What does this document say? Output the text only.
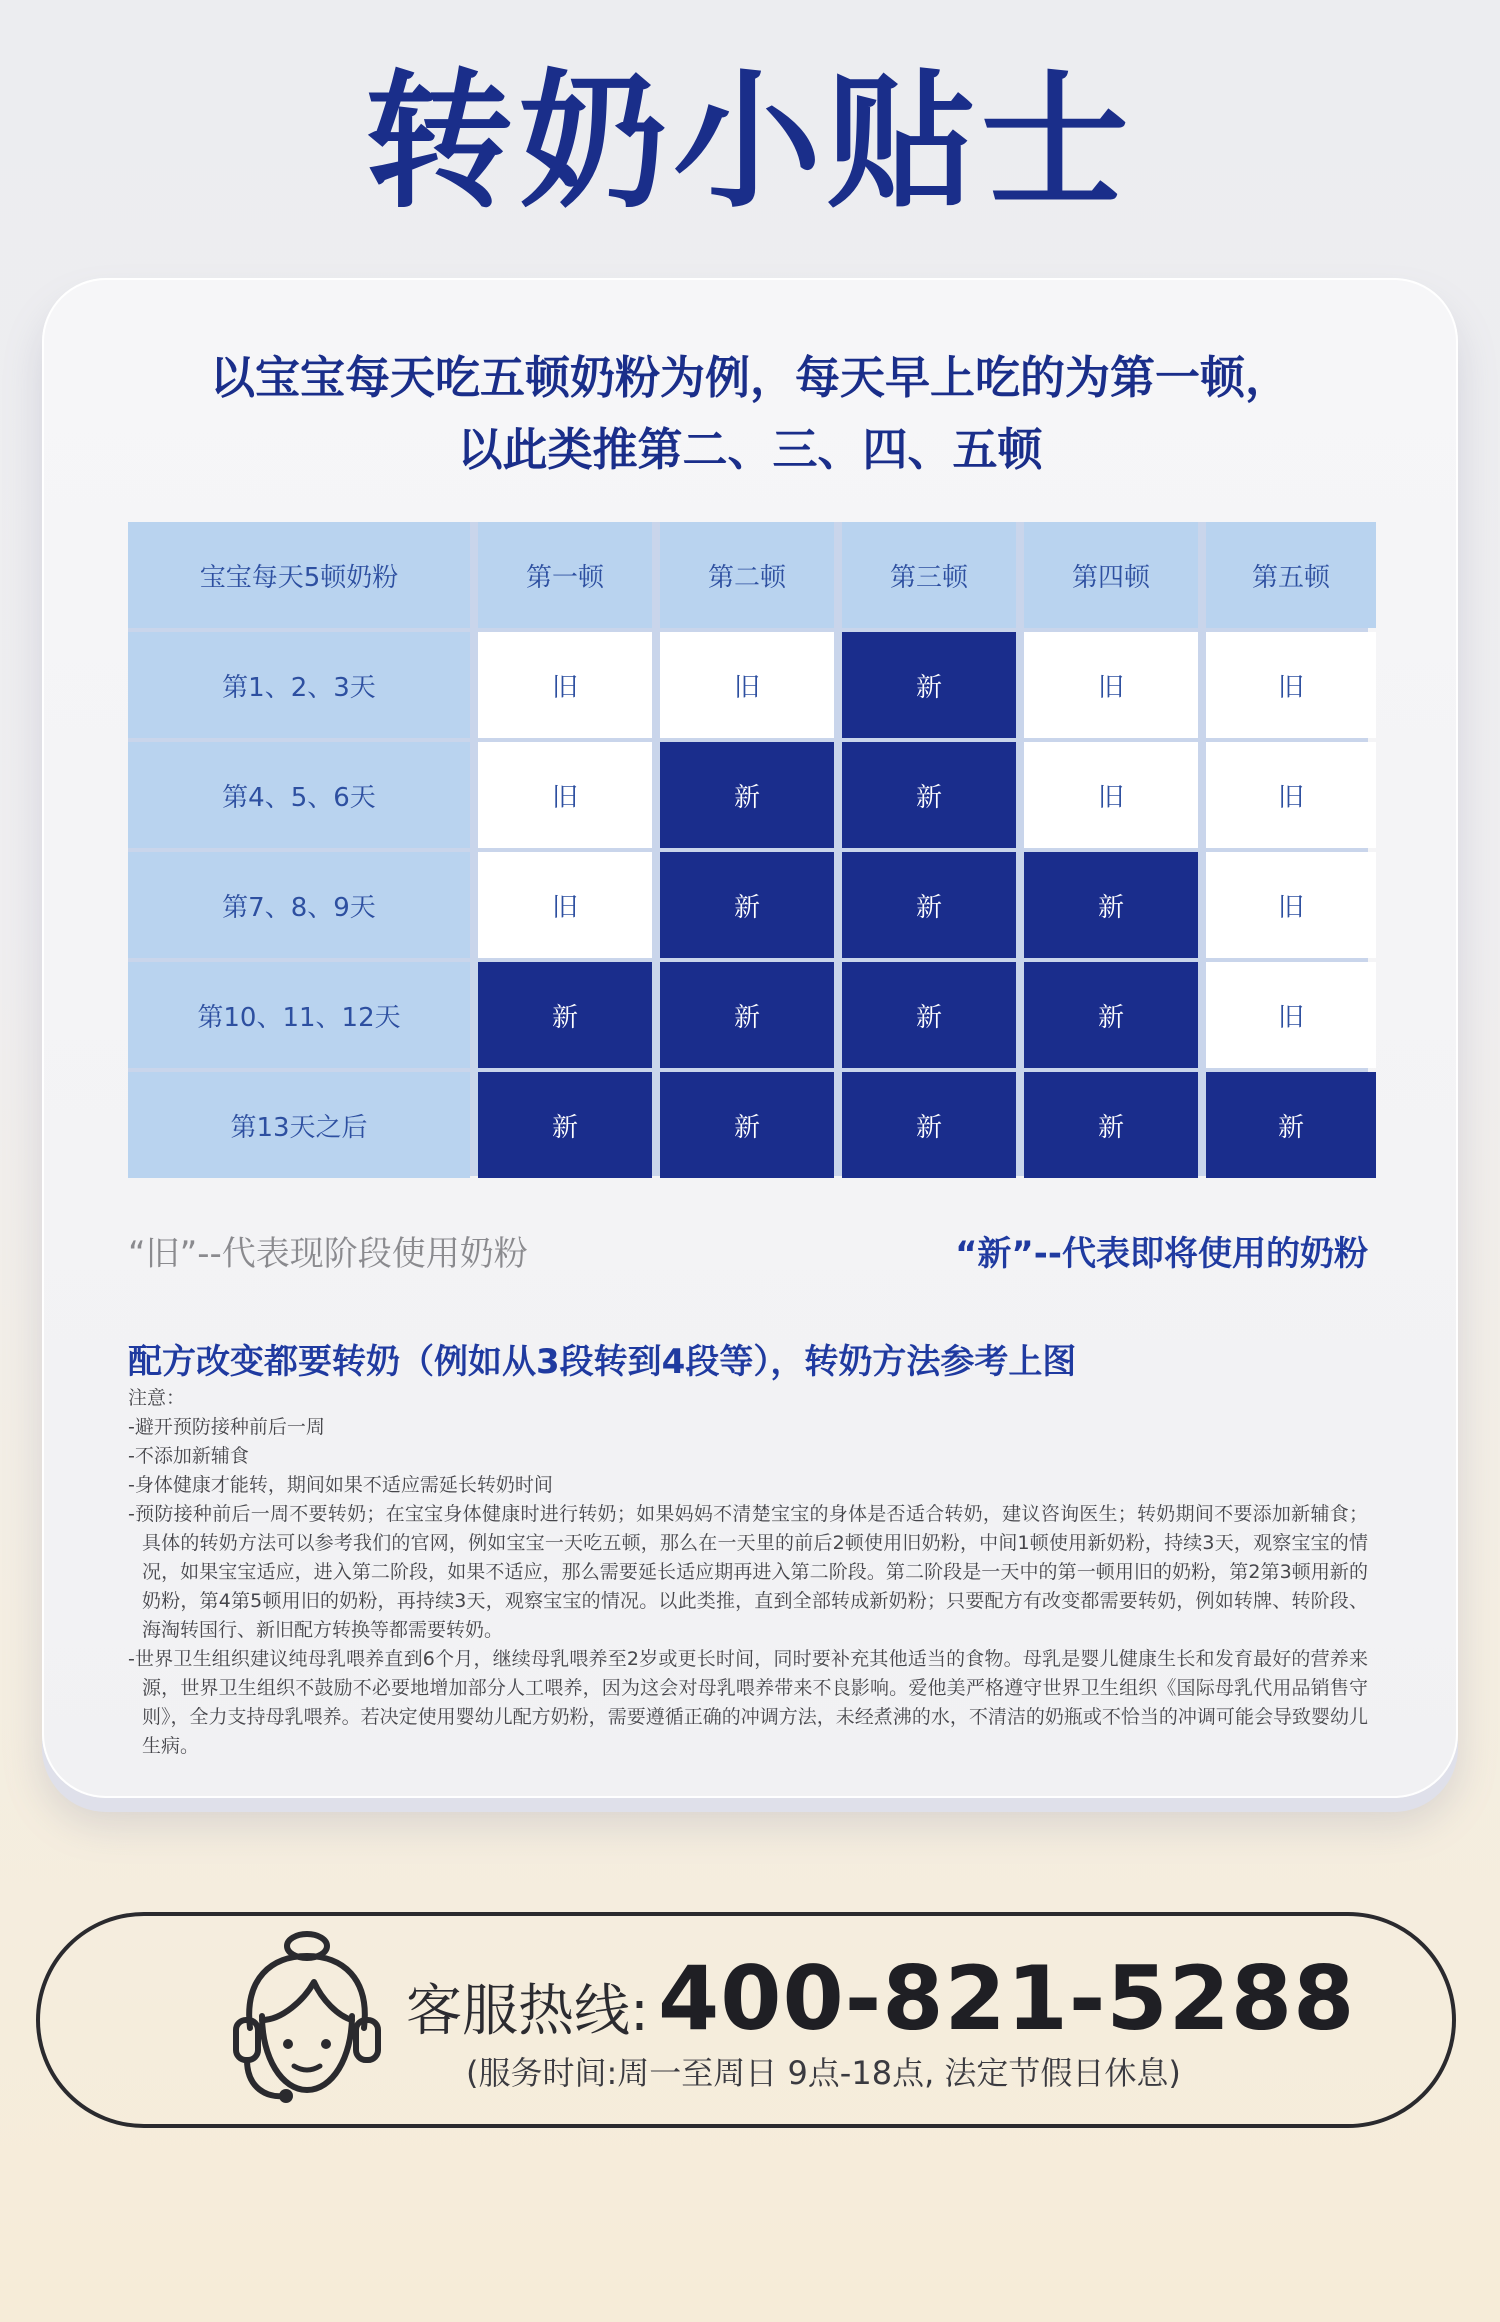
转奶小贴士
以宝宝每天吃五顿奶粉为例，每天早上吃的为第一顿，
以此类推第二、三、四、五顿
宝宝每天5顿奶粉	第一顿	第二顿	第三顿	第四顿	第五顿
第1、2、3天	旧	旧	新	旧	旧
第4、5、6天	旧	新	新	旧	旧
第7、8、9天	旧	新	新	新	旧
第10、11、12天	新	新	新	新	旧
第13天之后	新	新	新	新	新
“旧”--代表现阶段使用奶粉	“新”--代表即将使用的奶粉
配方改变都要转奶（例如从3段转到4段等），转奶方法参考上图
注意：
-避开预防接种前后一周
-不添加新辅食
-身体健康才能转，期间如果不适应需延长转奶时间
-预防接种前后一周不要转奶；在宝宝身体健康时进行转奶；如果妈妈不清楚宝宝的身体是否适合转奶，建议咨询医生；转奶期间不要添加新辅食；具体的转奶方法可以参考我们的官网，例如宝宝一天吃五顿，那么在一天里的前后2顿使用旧奶粉，中间1顿使用新奶粉，持续3天，观察宝宝的情况，如果宝宝适应，进入第二阶段，如果不适应，那么需要延长适应期再进入第二阶段。第二阶段是一天中的第一顿用旧的奶粉，第2第3顿用新的奶粉，第4第5顿用旧的奶粉，再持续3天，观察宝宝的情况。以此类推，直到全部转成新奶粉；只要配方有改变都需要转奶，例如转牌、转阶段、海淘转国行、新旧配方转换等都需要转奶。
-世界卫生组织建议纯母乳喂养直到6个月，继续母乳喂养至2岁或更长时间，同时要补充其他适当的食物。母乳是婴儿健康生长和发育最好的营养来源，世界卫生组织不鼓励不必要地增加部分人工喂养，因为这会对母乳喂养带来不良影响。爱他美严格遵守世界卫生组织《国际母乳代用品销售守则》，全力支持母乳喂养。若决定使用婴幼儿配方奶粉，需要遵循正确的冲调方法，未经煮沸的水，不清洁的奶瓶或不恰当的冲调可能会导致婴幼儿生病。
客服热线: 400-821-5288
(服务时间:周一至周日 9点-18点, 法定节假日休息)
